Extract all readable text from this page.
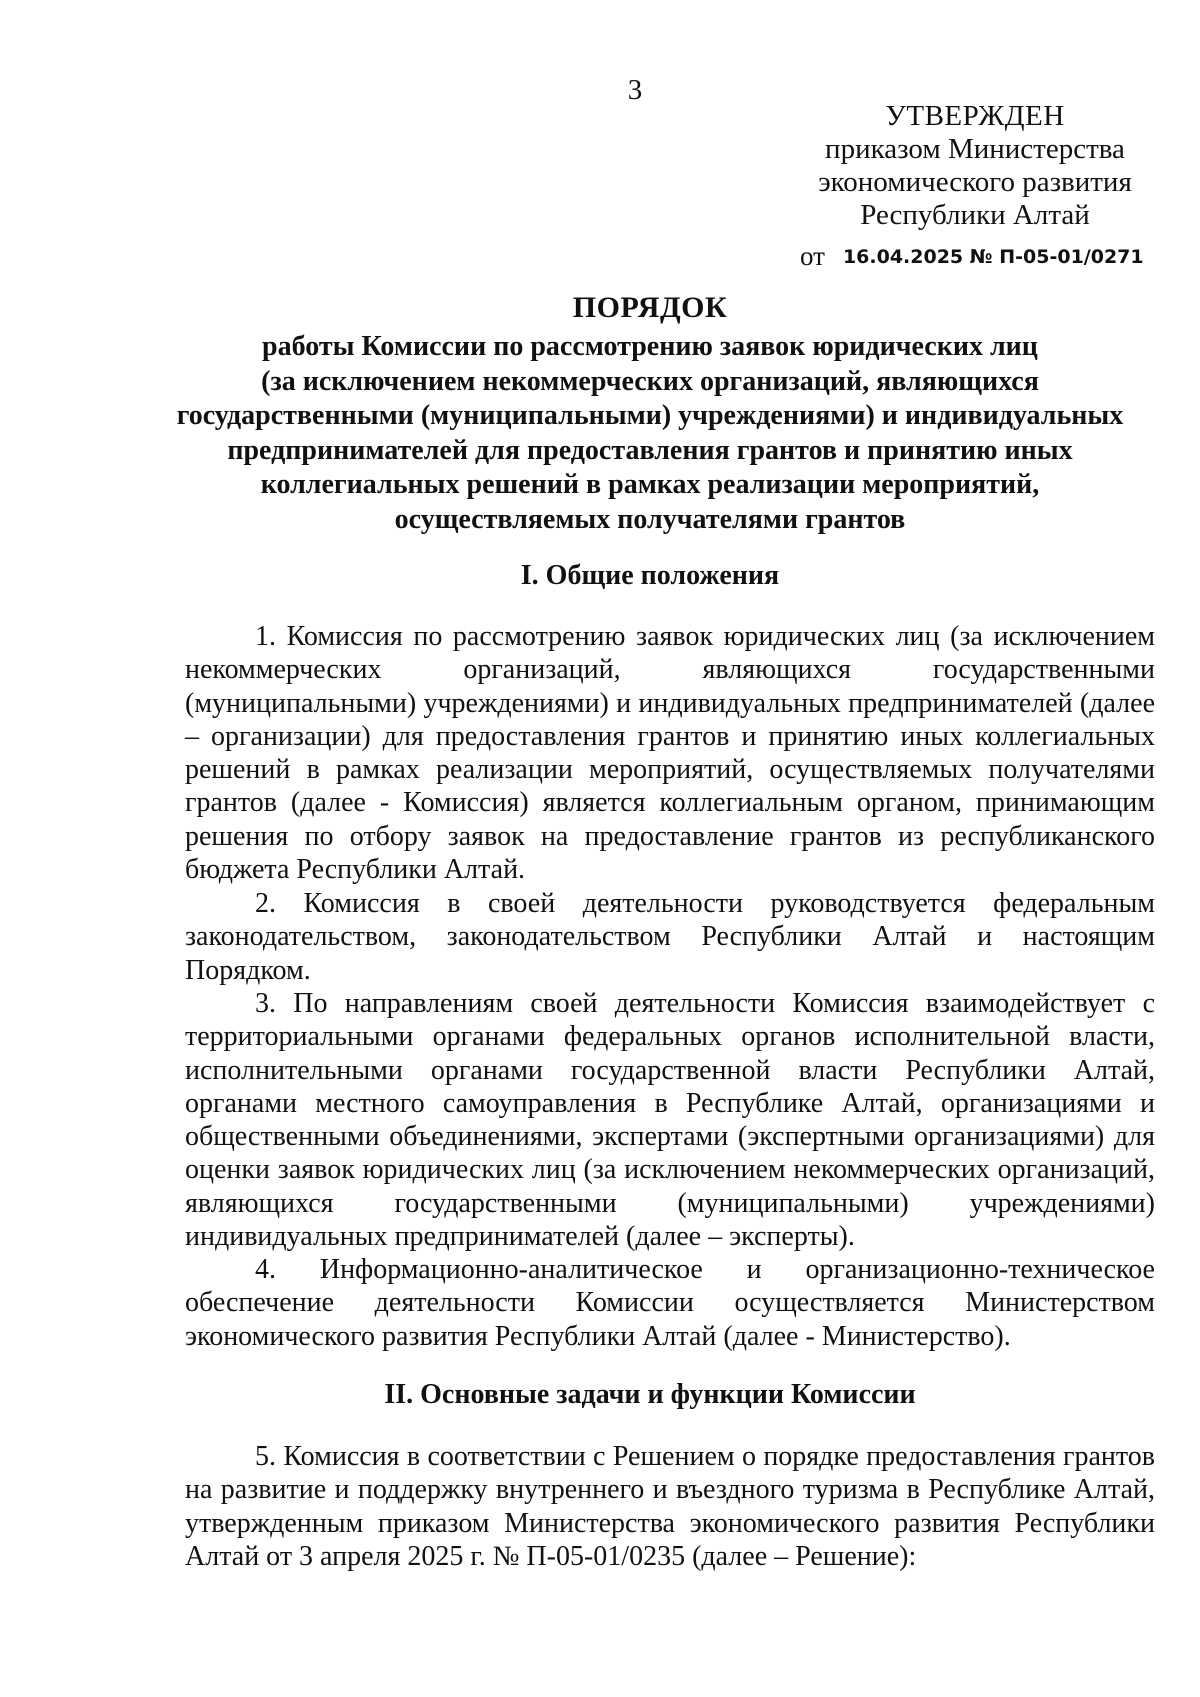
3
УТВЕРЖДЕН
приказом Министерства
экономического развития
Республики Алтай
от 16.04.2025 № П-05-01/0271
ПОРЯДОК
работы Комиссии по рассмотрению заявок юридических лиц
(за исключением некоммерческих организаций, являющихся
государственными (муниципальными) учреждениями) и индивидуальных
предпринимателей для предоставления грантов и принятию иных
коллегиальных решений в рамках реализации мероприятий,
осуществляемых получателями грантов
I. Общие положения
1. Комиссия по рассмотрению заявок юридических лиц (за исключением
некоммерческих организаций, являющихся государственными
(муниципальными) учреждениями) и индивидуальных предпринимателей (далее
– организации) для предоставления грантов и принятию иных коллегиальных
решений в рамках реализации мероприятий, осуществляемых получателями
грантов (далее - Комиссия) является коллегиальным органом, принимающим
решения по отбору заявок на предоставление грантов из республиканского
бюджета Республики Алтай.
2. Комиссия в своей деятельности руководствуется федеральным
законодательством, законодательством Республики Алтай и настоящим
Порядком.
3. По направлениям своей деятельности Комиссия взаимодействует с
территориальными органами федеральных органов исполнительной власти,
исполнительными органами государственной власти Республики Алтай,
органами местного самоуправления в Республике Алтай, организациями и
общественными объединениями, экспертами (экспертными организациями) для
оценки заявок юридических лиц (за исключением некоммерческих организаций,
являющихся государственными (муниципальными) учреждениями)
индивидуальных предпринимателей (далее – эксперты).
4. Информационно-аналитическое и организационно-техническое
обеспечение деятельности Комиссии осуществляется Министерством
экономического развития Республики Алтай (далее - Министерство).
II. Основные задачи и функции Комиссии
5. Комиссия в соответствии с Решением о порядке предоставления грантов
на развитие и поддержку внутреннего и въездного туризма в Республике Алтай,
утвержденным приказом Министерства экономического развития Республики
Алтай от 3 апреля 2025 г. № П-05-01/0235 (далее – Решение):
